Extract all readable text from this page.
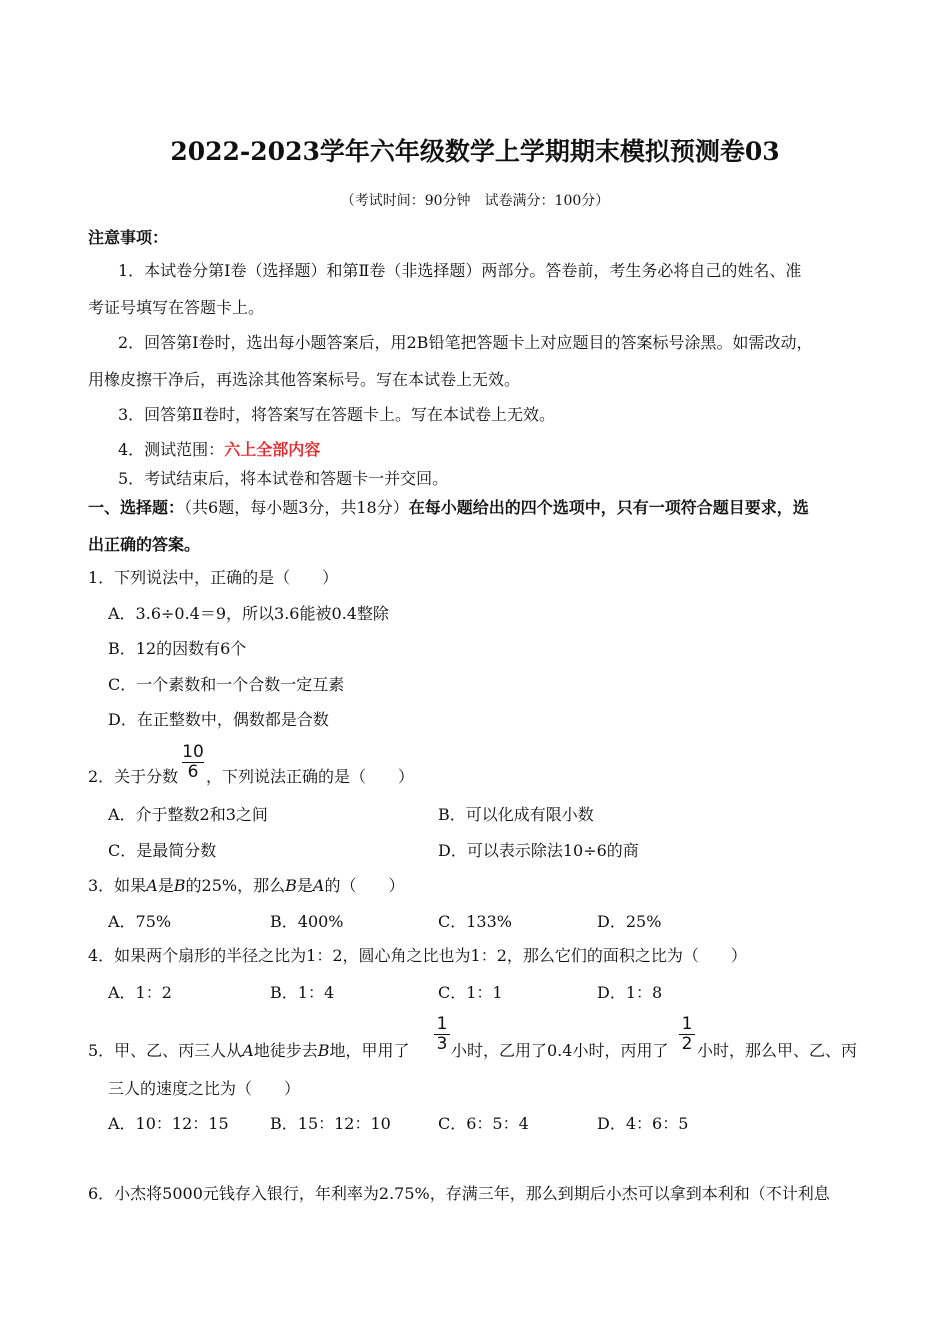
2022-2023学年六年级数学上学期期末模拟预测卷03
（考试时间：90分钟　试卷满分：100分）
注意事项：
1．本试卷分第Ⅰ卷（选择题）和第Ⅱ卷（非选择题）两部分。答卷前，考生务必将自己的姓名、准
考证号填写在答题卡上。
2．回答第Ⅰ卷时，选出每小题答案后，用2B铅笔把答题卡上对应题目的答案标号涂黑。如需改动，
用橡皮擦干净后，再选涂其他答案标号。写在本试卷上无效。
3．回答第Ⅱ卷时，将答案写在答题卡上。写在本试卷上无效。
4．测试范围：六上全部内容
5．考试结束后，将本试卷和答题卡一并交回。
一、选择题：（共6题，每小题3分，共18分）在每小题给出的四个选项中，只有一项符合题目要求，选
出正确的答案。
1．下列说法中，正确的是（　　）
A．3.6÷0.4＝9，所以3.6能被0.4整除
B．12的因数有6个
C．一个素数和一个合数一定互素
D．在正整数中，偶数都是合数
2．关于分数
10
6 ，下列说法正确的是（　　）
A．介于整数2和3之间	B．可以化成有限小数
C．是最简分数	D．可以表示除法10÷6的商
3．如果A是B的25%，那么B是A的（　　）
A．75%	B．400%	C．133%	D．25%
4．如果两个扇形的半径之比为1：2，圆心角之比也为1：2，那么它们的面积之比为（　　）
A．1：2	B．1：4	C．1：1	D．1：8
5．甲、乙、丙三人从A地徒步去B地，甲用了
1
3 小时，乙用了0.4小时，丙用了
1
2 小时，那么甲、乙、丙
三人的速度之比为（　　）
A．10：12：15	B．15：12：10	C．6：5：4	D．4：6：5
6．小杰将5000元钱存入银行，年利率为2.75%，存满三年，那么到期后小杰可以拿到本利和（不计利息
